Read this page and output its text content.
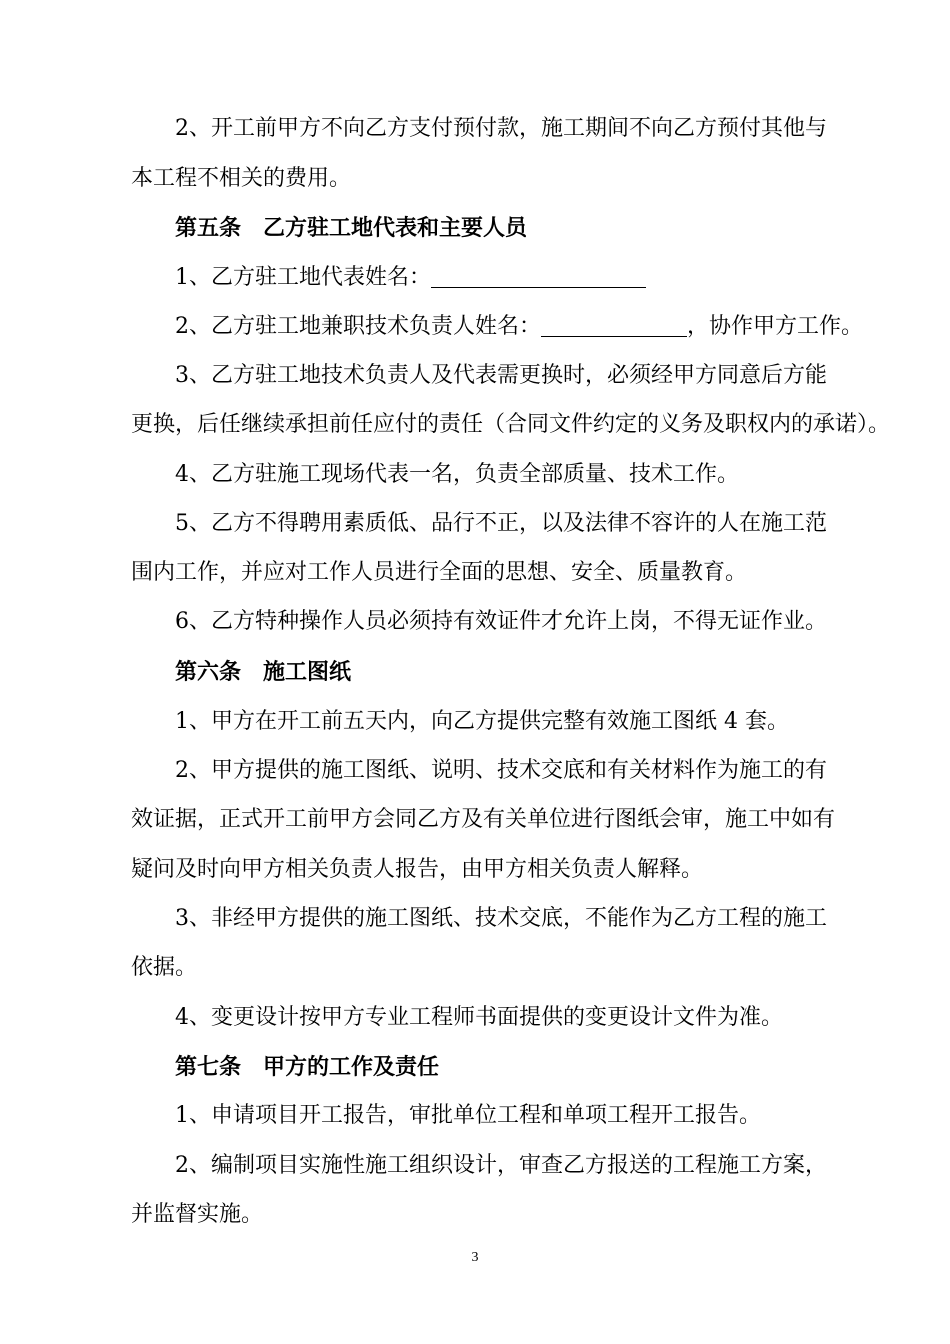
2、开工前甲方不向乙方支付预付款，施工期间不向乙方预付其他与
本工程不相关的费用。
第五条 乙方驻工地代表和主要人员
1、乙方驻工地代表姓名：
2、乙方驻工地兼职技术负责人姓名：	，协作甲方工作。
3、乙方驻工地技术负责人及代表需更换时，必须经甲方同意后方能
更换，后任继续承担前任应付的责任（合同文件约定的义务及职权内的承诺）。
4、乙方驻施工现场代表一名，负责全部质量、技术工作。
5、乙方不得聘用素质低、品行不正，以及法律不容许的人在施工范
围内工作，并应对工作人员进行全面的思想、安全、质量教育。
6、乙方特种操作人员必须持有效证件才允许上岗，不得无证作业。
第六条 施工图纸
1、甲方在开工前五天内，向乙方提供完整有效施工图纸 4 套。
2、甲方提供的施工图纸、说明、技术交底和有关材料作为施工的有
效证据，正式开工前甲方会同乙方及有关单位进行图纸会审，施工中如有
疑问及时向甲方相关负责人报告，由甲方相关负责人解释。
3、非经甲方提供的施工图纸、技术交底，不能作为乙方工程的施工
依据。
4、变更设计按甲方专业工程师书面提供的变更设计文件为准。
第七条 甲方的工作及责任
1、申请项目开工报告，审批单位工程和单项工程开工报告。
2、编制项目实施性施工组织设计，审查乙方报送的工程施工方案，
并监督实施。
3
